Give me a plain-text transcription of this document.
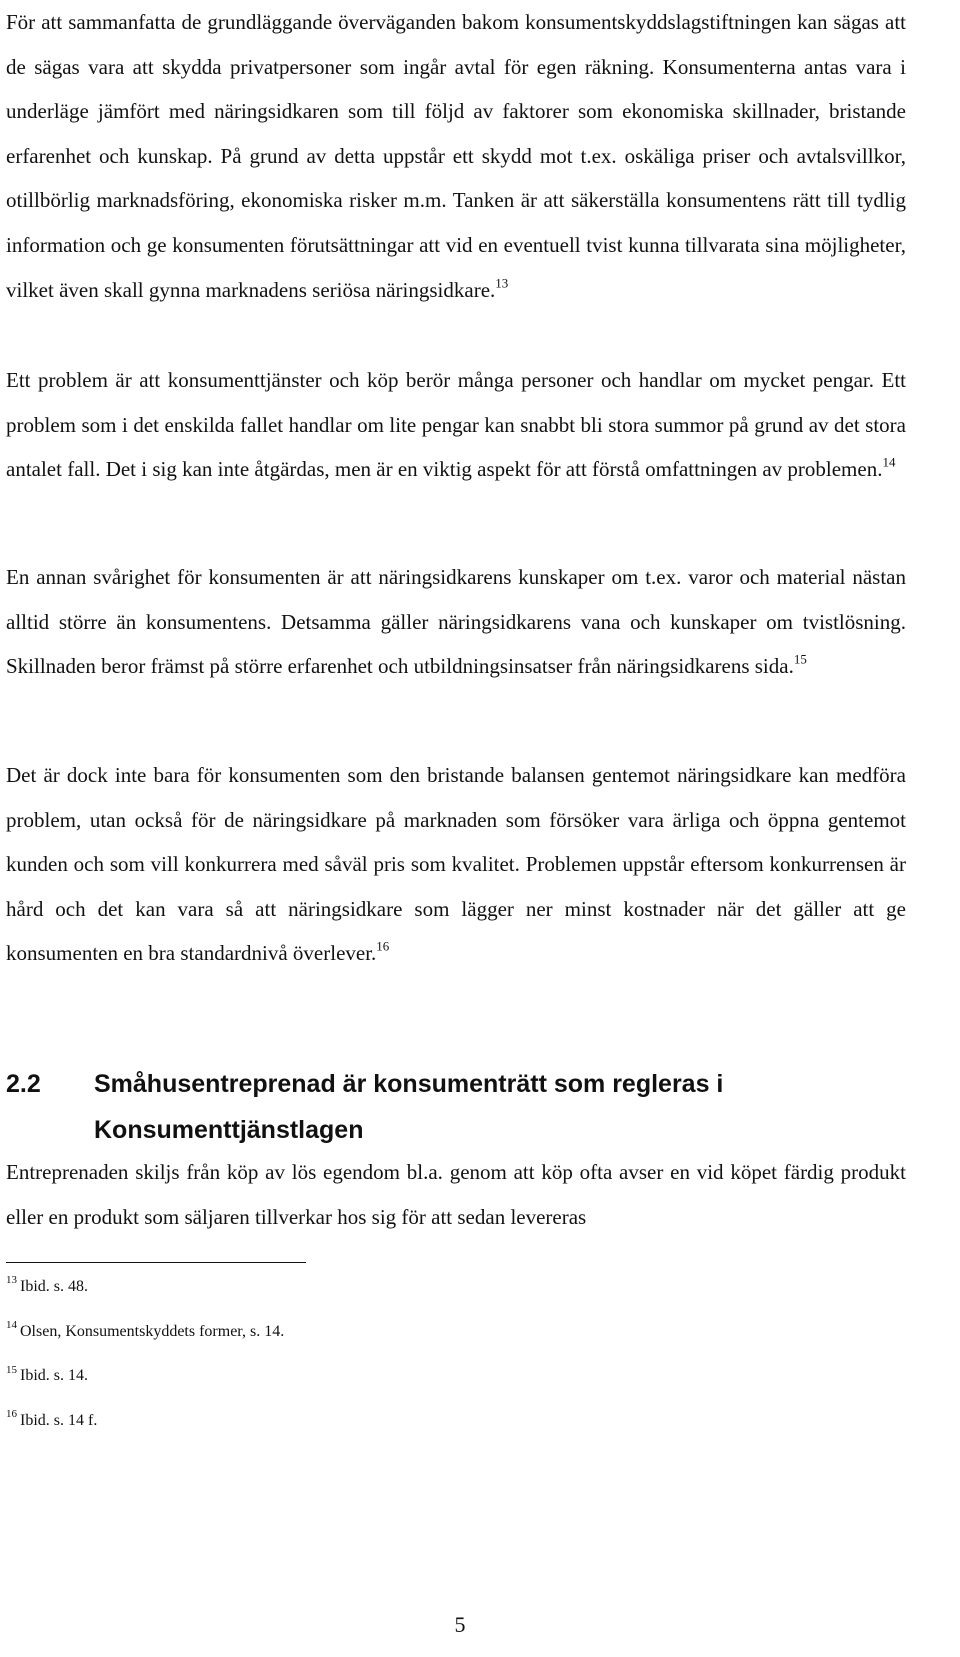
För att sammanfatta de grundläggande överväganden bakom konsumentskyddslagstiftningen kan sägas att de sägas vara att skydda privatpersoner som ingår avtal för egen räkning. Konsumenterna antas vara i underläge jämfört med näringsidkaren som till följd av faktorer som ekonomiska skillnader, bristande erfarenhet och kunskap. På grund av detta uppstår ett skydd mot t.ex. oskäliga priser och avtalsvillkor, otillbörlig marknadsföring, ekonomiska risker m.m. Tanken är att säkerställa konsumentens rätt till tydlig information och ge konsumenten förutsättningar att vid en eventuell tvist kunna tillvarata sina möjligheter, vilket även skall gynna marknadens seriösa näringsidkare.$^{13}$

Ett problem är att konsumenttjänster och köp berör många personer och handlar om mycket pengar. Ett problem som i det enskilda fallet handlar om lite pengar kan snabbt bli stora summor på grund av det stora antalet fall. Det i sig kan inte åtgärdas, men är en viktig aspekt för att förstå omfattningen av problemen.$^{14}$

En annan svårighet för konsumenten är att näringsidkarens kunskaper om t.ex. varor och material nästan alltid större än konsumentens. Detsamma gäller näringsidkarens vana och kunskaper om tvistlösning. Skillnaden beror främst på större erfarenhet och utbildningsinsatser från näringsidkarens sida.$^{15}$

Det är dock inte bara för konsumenten som den bristande balansen gentemot näringsidkare kan medföra problem, utan också för de näringsidkare på marknaden som försöker vara ärliga och öppna gentemot kunden och som vill konkurrera med såväl pris som kvalitet. Problemen uppstår eftersom konkurrensen är hård och det kan vara så att näringsidkare som lägger ner minst kostnader när det gäller att ge konsumenten en bra standardnivå överlever.$^{16}$

2.2 Småhusentreprenad är konsumenträtt som regleras i Konsumenttjänstlagen

Entreprenaden skiljs från köp av lös egendom bl.a. genom att köp ofta avser en vid köpet färdig produkt eller en produkt som säljaren tillverkar hos sig för att sedan levereras

$^{13}$ Ibid. s. 48.
$^{14}$ Olsen, Konsumentskyddets former, s. 14.
$^{15}$ Ibid. s. 14.
$^{16}$ Ibid. s. 14 f.
5
